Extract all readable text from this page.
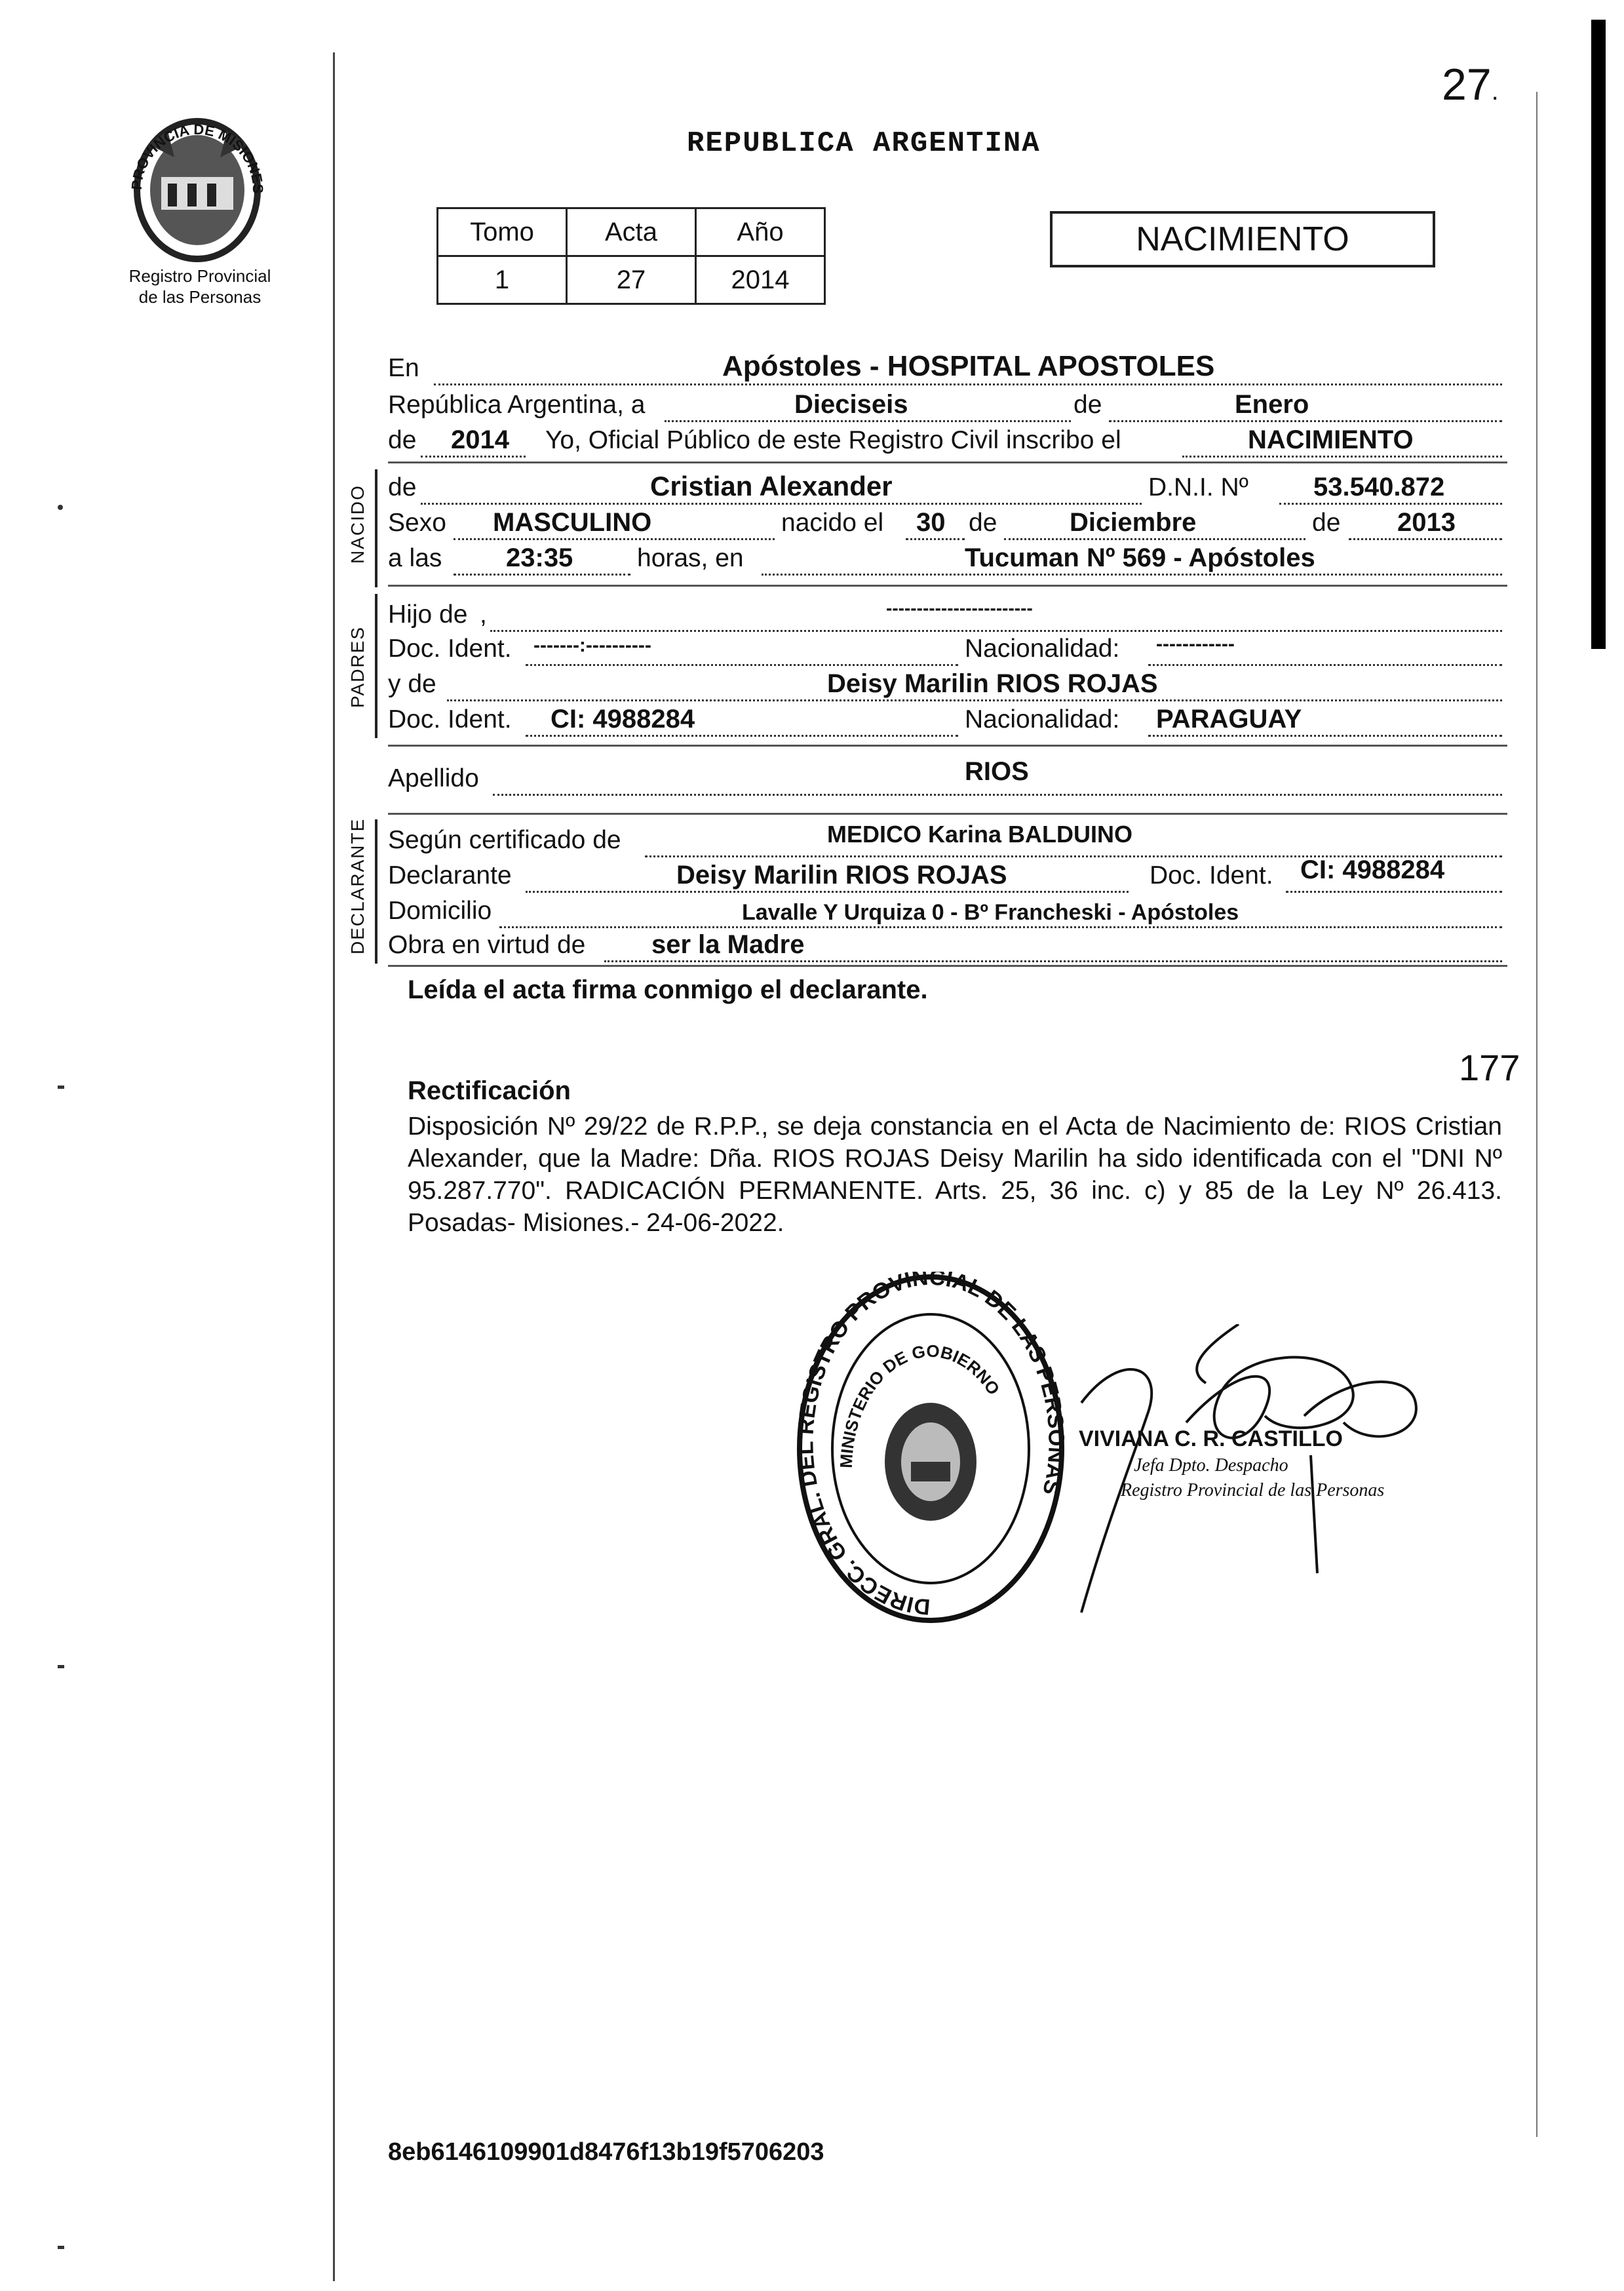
PROVINCIA DE MISIONES
Registro Provincial
de las Personas
27.
REPUBLICA ARGENTINA
Tomo	Acta	Año
1	27	2014
NACIMIENTO
En	Apóstoles - HOSPITAL APOSTOLES
República Argentina, a	Dieciseis	de	Enero
de 2014 Yo, Oficial Público de este Registro Civil inscribo el	NACIMIENTO
NACIDO de	Cristian Alexander	D.N.I. Nº 53.540.872
Sexo MASCULINO	nacido el 30 de	Diciembre	de 2013
a las 23:35	horas, en	Tucuman Nº 569 - Apóstoles
PADRES
Hijo de ,	------------------------
Doc. Ident. -------:----------	Nacionalidad: ------------
y de	Deisy Marilin RIOS ROJAS
Doc. Ident. CI: 4988284	Nacionalidad: PARAGUAY
Apellido	RIOS
DECLARANTE Según certificado de	MEDICO Karina BALDUINO
Declarante	Deisy Marilin RIOS ROJAS	Doc. Ident. CI: 4988284
Domicilio	Lavalle Y Urquiza 0 - Bº Francheski - Apóstoles
Obra en virtud de	ser la Madre
Leída el acta firma conmigo el declarante.
177
Rectificación
Disposición Nº 29/22 de R.P.P., se deja constancia en el Acta de Nacimiento de: RIOS Cristian Alexander, que la Madre: Dña. RIOS ROJAS Deisy Marilin ha sido identificada con el "DNI Nº 95.287.770". RADICACIÓN PERMANENTE. Arts. 25, 36 inc. c) y 85 de la Ley Nº 26.413. Posadas- Misiones.- 24-06-2022.
DIRECC. GRAL. DEL REGISTRO PROVINCIAL DE LAS PERSONAS
MINISTERIO DE GOBIERNO
VIVIANA C. R. CASTILLO
Jefa Dpto. Despacho
Registro Provincial de las Personas
8eb6146109901d8476f13b19f5706203
